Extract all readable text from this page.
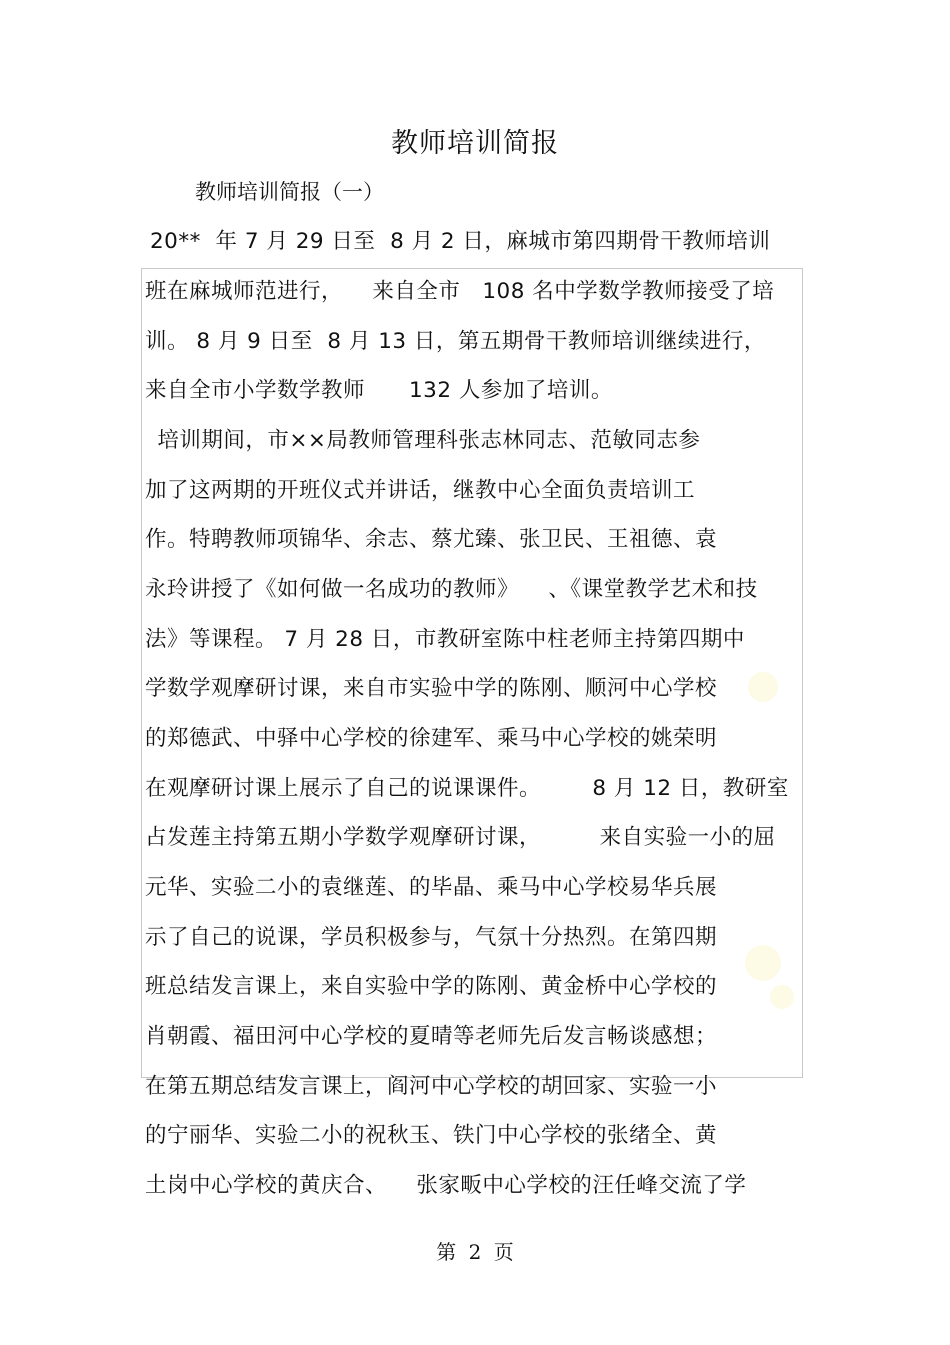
教师培训简报
教师培训简报（一）
20**  年 7 月 29 日至  8 月 2 日，麻城市第四期骨干教师培训
班在麻城师范进行，    来自全市   108 名中学数学教师接受了培
训。 8 月 9 日至  8 月 13 日，第五期骨干教师培训继续进行，
来自全市小学数学教师      132 人参加了培训。
培训期间，市××局教师管理科张志林同志、范敏同志参
加了这两期的开班仪式并讲话，继教中心全面负责培训工
作。特聘教师项锦华、余志、蔡尤臻、张卫民、王祖德、袁
永玲讲授了《如何做一名成功的教师》    、《课堂教学艺术和技
法》等课程。 7 月 28 日，市教研室陈中柱老师主持第四期中
学数学观摩研讨课，来自市实验中学的陈刚、顺河中心学校
的郑德武、中驿中心学校的徐建军、乘马中心学校的姚荣明
在观摩研讨课上展示了自己的说课课件。       8 月 12 日，教研室
占发莲主持第五期小学数学观摩研讨课，        来自实验一小的屈
元华、实验二小的袁继莲、的毕晶、乘马中心学校易华兵展
示了自己的说课，学员积极参与，气氛十分热烈。在第四期
班总结发言课上，来自实验中学的陈刚、黄金桥中心学校的
肖朝霞、福田河中心学校的夏晴等老师先后发言畅谈感想；
在第五期总结发言课上，阎河中心学校的胡回家、实验一小
的宁丽华、实验二小的祝秋玉、铁门中心学校的张绪全、黄
土岗中心学校的黄庆合、    张家畈中心学校的汪任峰交流了学
第 2 页
